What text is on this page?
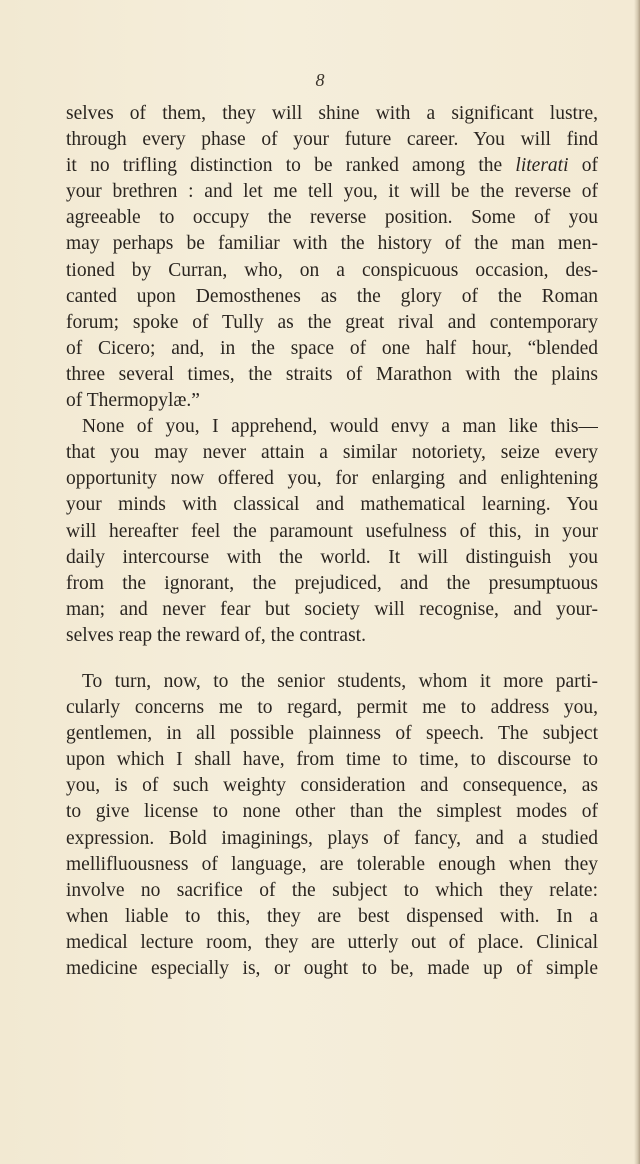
8
selves of them, they will shine with a significant lustre,
through every phase of your future career. You will find
it no trifling distinction to be ranked among the literati of
your brethren : and let me tell you, it will be the reverse of
agreeable to occupy the reverse position. Some of you
may perhaps be familiar with the history of the man men-
tioned by Curran, who, on a conspicuous occasion, des-
canted upon Demosthenes as the glory of the Roman
forum; spoke of Tully as the great rival and contemporary
of Cicero; and, in the space of one half hour, “blended
three several times, the straits of Marathon with the plains
of Thermopylæ.”
None of you, I apprehend, would envy a man like this—
that you may never attain a similar notoriety, seize every
opportunity now offered you, for enlarging and enlightening
your minds with classical and mathematical learning. You
will hereafter feel the paramount usefulness of this, in your
daily intercourse with the world. It will distinguish you
from the ignorant, the prejudiced, and the presumptuous
man; and never fear but society will recognise, and your-
selves reap the reward of, the contrast.
To turn, now, to the senior students, whom it more parti-
cularly concerns me to regard, permit me to address you,
gentlemen, in all possible plainness of speech. The subject
upon which I shall have, from time to time, to discourse to
you, is of such weighty consideration and consequence, as
to give license to none other than the simplest modes of
expression. Bold imaginings, plays of fancy, and a studied
mellifluousness of language, are tolerable enough when they
involve no sacrifice of the subject to which they relate:
when liable to this, they are best dispensed with. In a
medical lecture room, they are utterly out of place. Clinical
medicine especially is, or ought to be, made up of simple
